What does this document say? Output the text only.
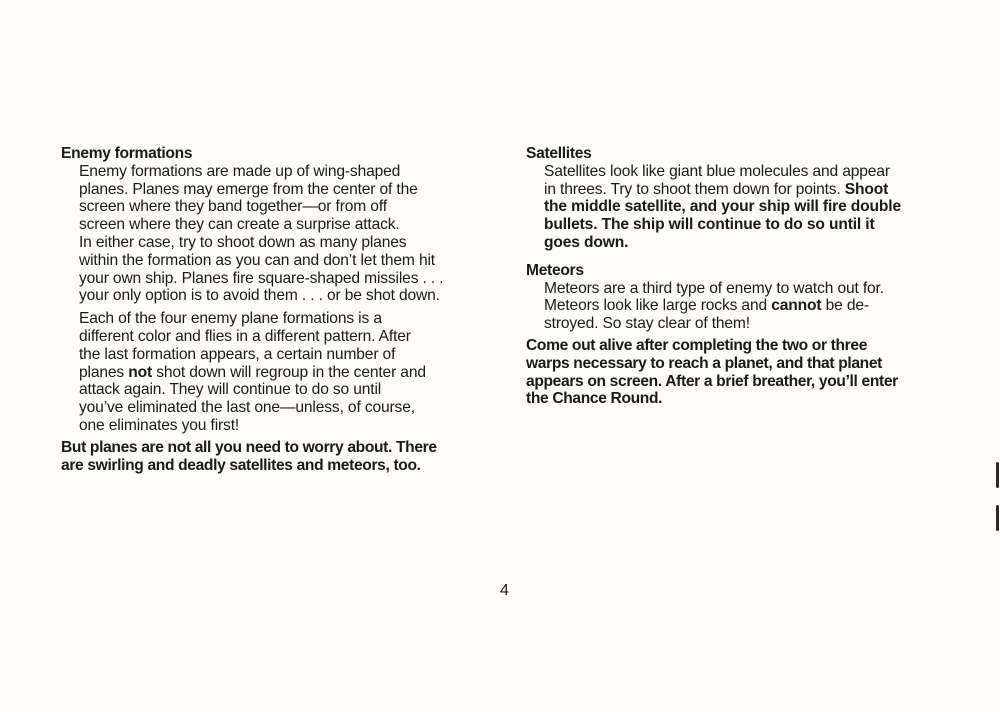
Enemy formations

Enemy formations are made up of wing-shaped
planes. Planes may emerge from the center of the
screen where they band together—or from off
screen where they can create a surprise attack.
In either case, try to shoot down as many planes
within the formation as you can and don’t let them hit
your own ship. Planes fire square-shaped missiles . . .
your only option is to avoid them . . . or be shot down.
Each of the four enemy plane formations is a
different color and flies in a different pattern. After
the last formation appears, a certain number of
planes not shot down will regroup in the center and
attack again. They will continue to do so until
you’ve eliminated the last one—unless, of course,
one eliminates you first!
But planes are not all you need to worry about. There
are swirling and deadly satellites and meteors, too.

Satellites

Satellites look like giant blue molecules and appear
in threes. Try to shoot them down for points. Shoot
the middle satellite, and your ship will fire double
bullets. The ship will continue to do so until it
goes down.

Meteors

Meteors are a third type of enemy to watch out for.
Meteors look like large rocks and cannot be de-
stroyed. So stay clear of them!
Come out alive after completing the two or three
warps necessary to reach a planet, and that planet
appears on screen. After a brief breather, you’ll enter
the Chance Round.
4
